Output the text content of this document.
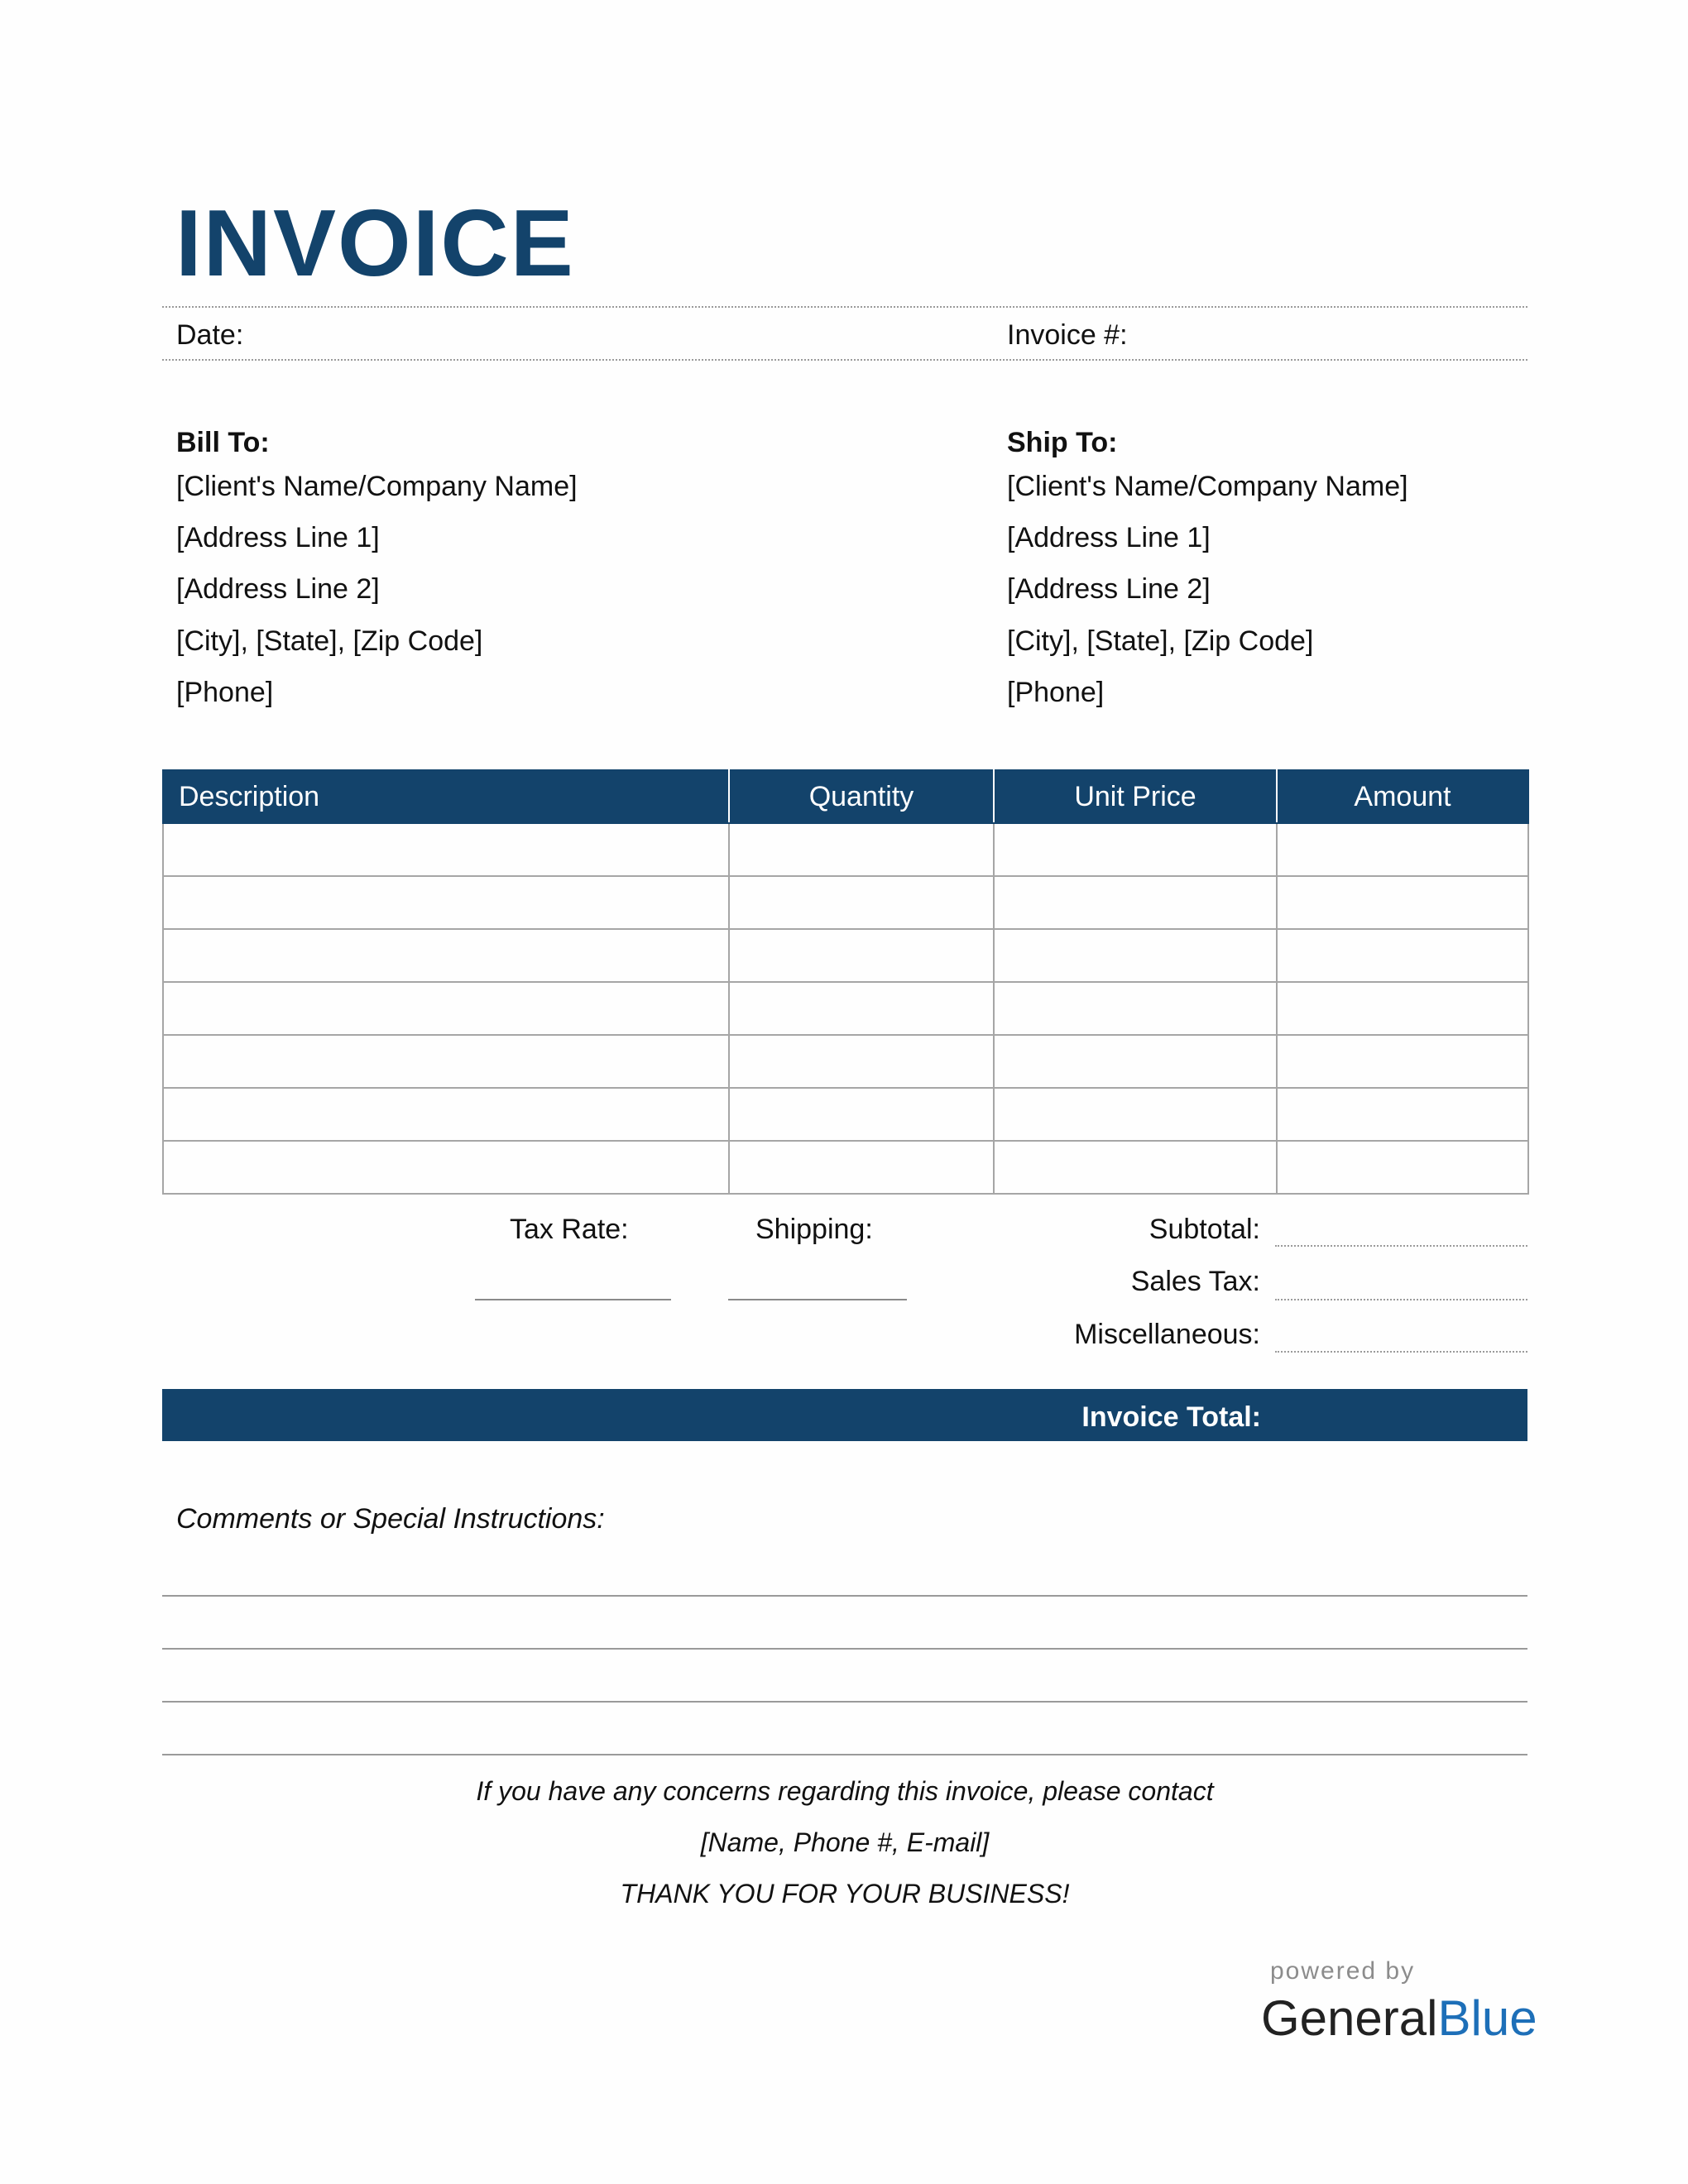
INVOICE
Date:	Invoice #:
Bill To:
[Client's Name/Company Name]
[Address Line 1]
[Address Line 2]
[City], [State], [Zip Code]
[Phone]
Ship To:
[Client's Name/Company Name]
[Address Line 1]
[Address Line 2]
[City], [State], [Zip Code]
[Phone]
Description	Quantity	Unit Price	Amount

Tax Rate:	Shipping:	Subtotal:
Sales Tax:
Miscellaneous:
Invoice Total:
Comments or Special Instructions:
If you have any concerns regarding this invoice, please contact
[Name, Phone #, E-mail]
THANK YOU FOR YOUR BUSINESS!
powered by
GeneralBlue
